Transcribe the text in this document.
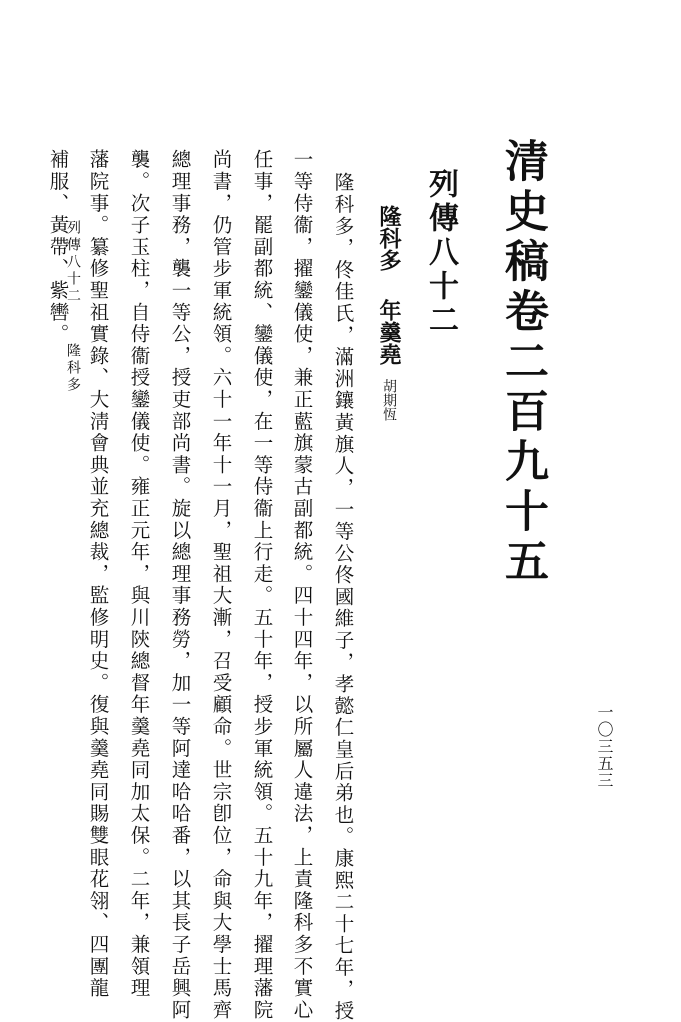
清史稿卷二百九十五
列傳八十二
隆科多年羹堯胡期恆
隆科多，佟佳氏，滿洲鑲黃旗人，一等公佟國維子，孝懿仁皇后弟也。康熙二十七年，授
一等侍衞，擢鑾儀使，兼正藍旗蒙古副都統。四十四年，以所屬人違法，上責隆科多不實心
任事，罷副都統、鑾儀使，在一等侍衞上行走。五十年，授步軍統領。五十九年，擢理藩院
尚書，仍管步軍統領。六十一年十一月，聖祖大漸，召受顧命。世宗卽位，命與大學士馬齊
總理事務，襲一等公，授吏部尚書。旋以總理事務勞，加一等阿達哈哈番，以其長子岳興阿
襲。次子玉柱，自侍衞授鑾儀使。雍正元年，與川陝總督年羹堯同加太保。二年，兼領理
藩院事。纂修聖祖實錄、大淸會典並充總裁，監修明史。復與羹堯同賜雙眼花翎、四團龍
補服、黃帶、紫轡。
列傳八十二隆科多
一〇三五三
